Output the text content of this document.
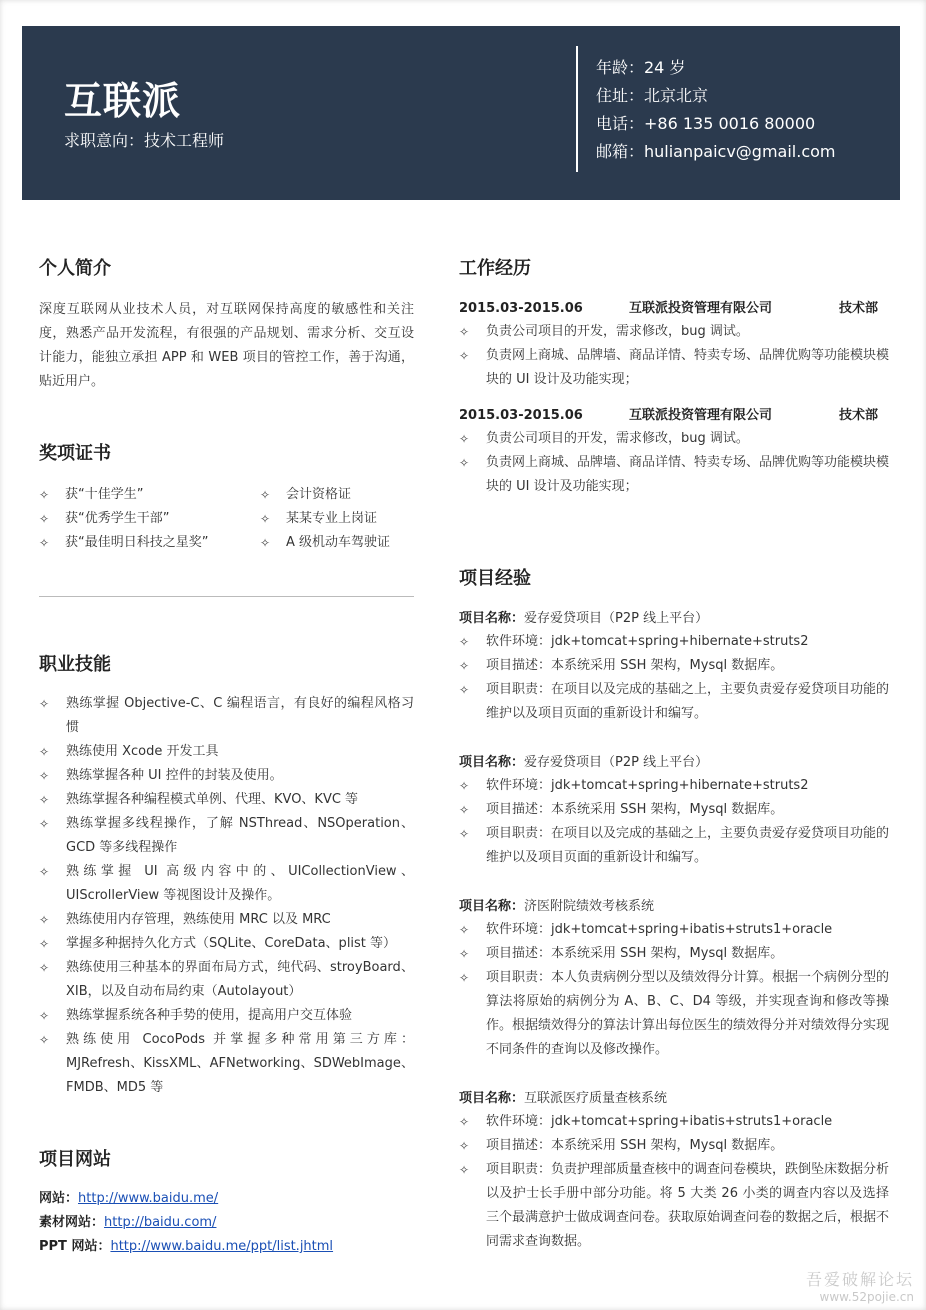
互联派
求职意向：技术工程师
年龄：24 岁
住址：北京北京
电话：+86 135 0016 80000
邮箱：hulianpaicv@gmail.com
个人简介
深度互联网从业技术人员，对互联网保持高度的敏感性和关注度，熟悉产品开发流程，有很强的产品规划、需求分析、交互设计能力，能独立承担 APP 和 WEB 项目的管控工作，善于沟通，贴近用户。
奖项证书
✧ 获“十佳学生”
✧ 获“优秀学生干部”
✧ 获“最佳明日科技之星奖”
✧ 会计资格证
✧ 某某专业上岗证
✧ A 级机动车驾驶证
职业技能
✧ 熟练掌握 Objective-C、C 编程语言，有良好的编程风格习惯
✧ 熟练使用 Xcode 开发工具
✧ 熟练掌握各种 UI 控件的封装及使用。
✧ 熟练掌握各种编程模式单例、代理、KVO、KVC 等
✧ 熟练掌握多线程操作，了解 NSThread、NSOperation、GCD 等多线程操作
✧ 熟练掌握 UI 高级内容中的、UICollectionView、UIScrollerView 等视图设计及操作。
✧ 熟练使用内存管理，熟练使用 MRC 以及 MRC
✧ 掌握多种据持久化方式（SQLite、CoreData、plist 等）
✧ 熟练使用三种基本的界面布局方式，纯代码、stroyBoard、XIB，以及自动布局约束（Autolayout）
✧ 熟练掌握系统各种手势的使用，提高用户交互体验
✧ 熟练使用 CocoPods 并掌握多种常用第三方库：MJRefresh、KissXML、AFNetworking、SDWebImage、FMDB、MD5 等
项目网站
网站：http://www.baidu.me/
素材网站：http://baidu.com/
PPT 网站：http://www.baidu.me/ppt/list.jhtml
工作经历
2015.03-2015.06	互联派投资管理有限公司	技术部
✧ 负责公司项目的开发，需求修改，bug 调试。
✧ 负责网上商城、品牌墙、商品详情、特卖专场、品牌优购等功能模块模块的 UI 设计及功能实现；
2015.03-2015.06	互联派投资管理有限公司	技术部
✧ 负责公司项目的开发，需求修改，bug 调试。
✧ 负责网上商城、品牌墙、商品详情、特卖专场、品牌优购等功能模块模块的 UI 设计及功能实现；
项目经验
项目名称：爱存爱贷项目（P2P 线上平台）
✧ 软件环境：jdk+tomcat+spring+hibernate+struts2
✧ 项目描述：本系统采用 SSH 架构，Mysql 数据库。
✧ 项目职责：在项目以及完成的基础之上，主要负责爱存爱贷项目功能的维护以及项目页面的重新设计和编写。
项目名称：爱存爱贷项目（P2P 线上平台）
✧ 软件环境：jdk+tomcat+spring+hibernate+struts2
✧ 项目描述：本系统采用 SSH 架构，Mysql 数据库。
✧ 项目职责：在项目以及完成的基础之上，主要负责爱存爱贷项目功能的维护以及项目页面的重新设计和编写。
项目名称：济医附院绩效考核系统
✧ 软件环境：jdk+tomcat+spring+ibatis+struts1+oracle
✧ 项目描述：本系统采用 SSH 架构，Mysql 数据库。
✧ 项目职责：本人负责病例分型以及绩效得分计算。根据一个病例分型的算法将原始的病例分为 A、B、C、D4 等级，并实现查询和修改等操作。根据绩效得分的算法计算出每位医生的绩效得分并对绩效得分实现不同条件的查询以及修改操作。
项目名称：互联派医疗质量查核系统
✧ 软件环境：jdk+tomcat+spring+ibatis+struts1+oracle
✧ 项目描述：本系统采用 SSH 架构，Mysql 数据库。
✧ 项目职责：负责护理部质量查核中的调查问卷模块，跌倒坠床数据分析以及护士长手册中部分功能。将 5 大类 26 小类的调查内容以及选择三个最满意护士做成调查问卷。获取原始调查问卷的数据之后，根据不同需求查询数据。
吾爱破解论坛
www.52pojie.cn
